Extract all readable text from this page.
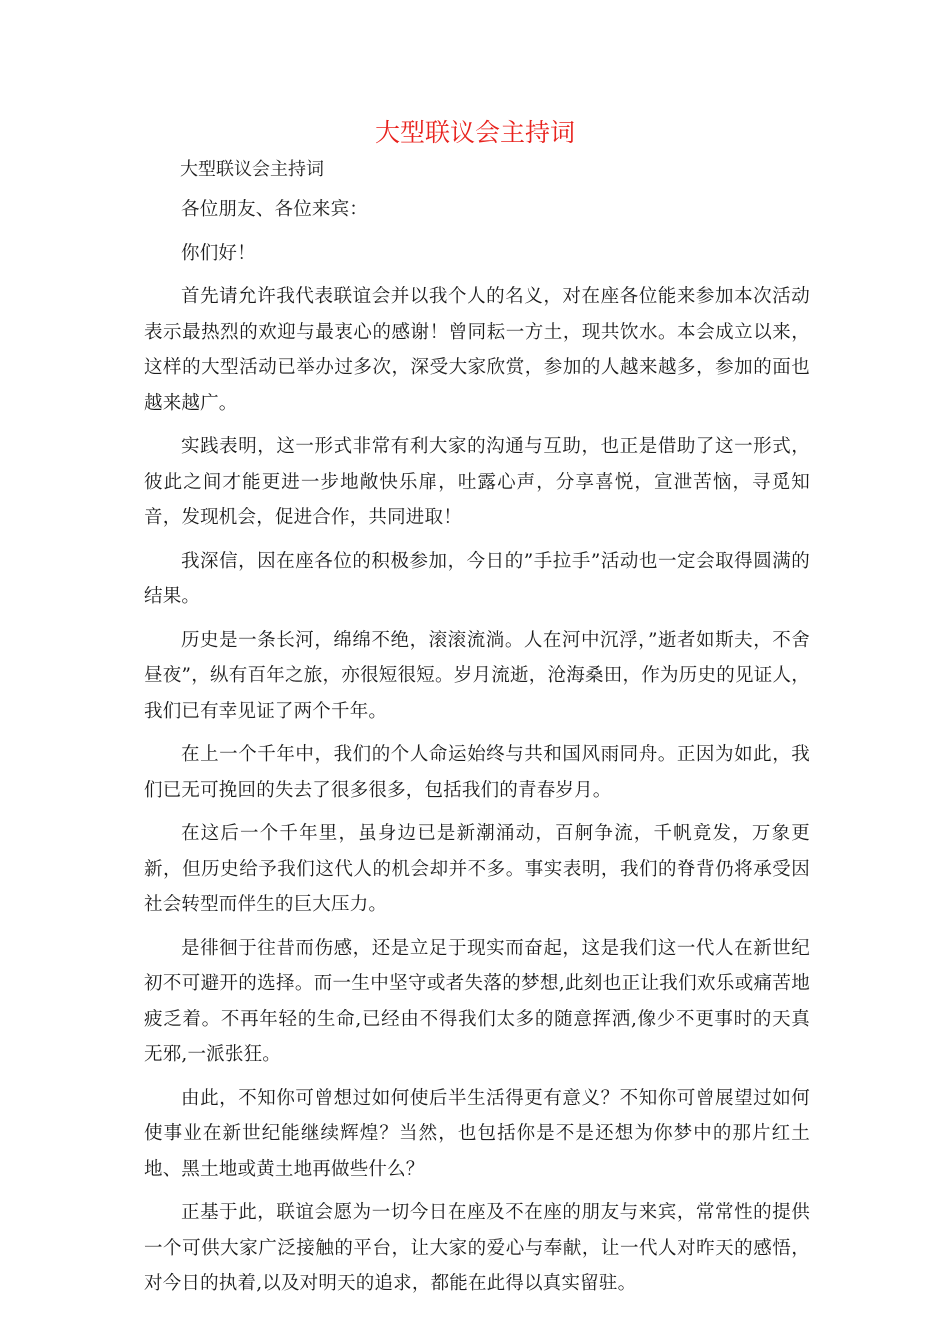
大型联议会主持词

大型联议会主持词

各位朋友、各位来宾：

你们好！

首先请允许我代表联谊会并以我个人的名义，对在座各位能来参加本次活动表示最热烈的欢迎与最衷心的感谢！曾同耘一方土，现共饮水。本会成立以来，这样的大型活动已举办过多次，深受大家欣赏，参加的人越来越多，参加的面也越来越广。

实践表明，这一形式非常有利大家的沟通与互助，也正是借助了这一形式，彼此之间才能更进一步地敞快乐扉，吐露心声，分享喜悦，宣泄苦恼，寻觅知音，发现机会，促进合作，共同进取！

我深信，因在座各位的积极参加，今日的”手拉手”活动也一定会取得圆满的结果。

历史是一条长河，绵绵不绝，滚滚流淌。人在河中沉浮，”逝者如斯夫，不舍昼夜”，纵有百年之旅，亦很短很短。岁月流逝，沧海桑田，作为历史的见证人，我们已有幸见证了两个千年。

在上一个千年中，我们的个人命运始终与共和国风雨同舟。正因为如此，我们已无可挽回的失去了很多很多，包括我们的青春岁月。

在这后一个千年里，虽身边已是新潮涌动，百舸争流，千帆竟发，万象更新，但历史给予我们这代人的机会却并不多。事实表明，我们的脊背仍将承受因社会转型而伴生的巨大压力。

是徘徊于往昔而伤感，还是立足于现实而奋起，这是我们这一代人在新世纪初不可避开的选择。而一生中坚守或者失落的梦想,此刻也正让我们欢乐或痛苦地疲乏着。不再年轻的生命,已经由不得我们太多的随意挥洒,像少不更事时的天真无邪,一派张狂。

由此，不知你可曾想过如何使后半生活得更有意义？不知你可曾展望过如何使事业在新世纪能继续辉煌？当然，也包括你是不是还想为你梦中的那片红土地、黑土地或黄土地再做些什么？

正基于此，联谊会愿为一切今日在座及不在座的朋友与来宾，常常性的提供一个可供大家广泛接触的平台，让大家的爱心与奉献，让一代人对昨天的感悟，对今日的执着,以及对明天的追求，都能在此得以真实留驻。
